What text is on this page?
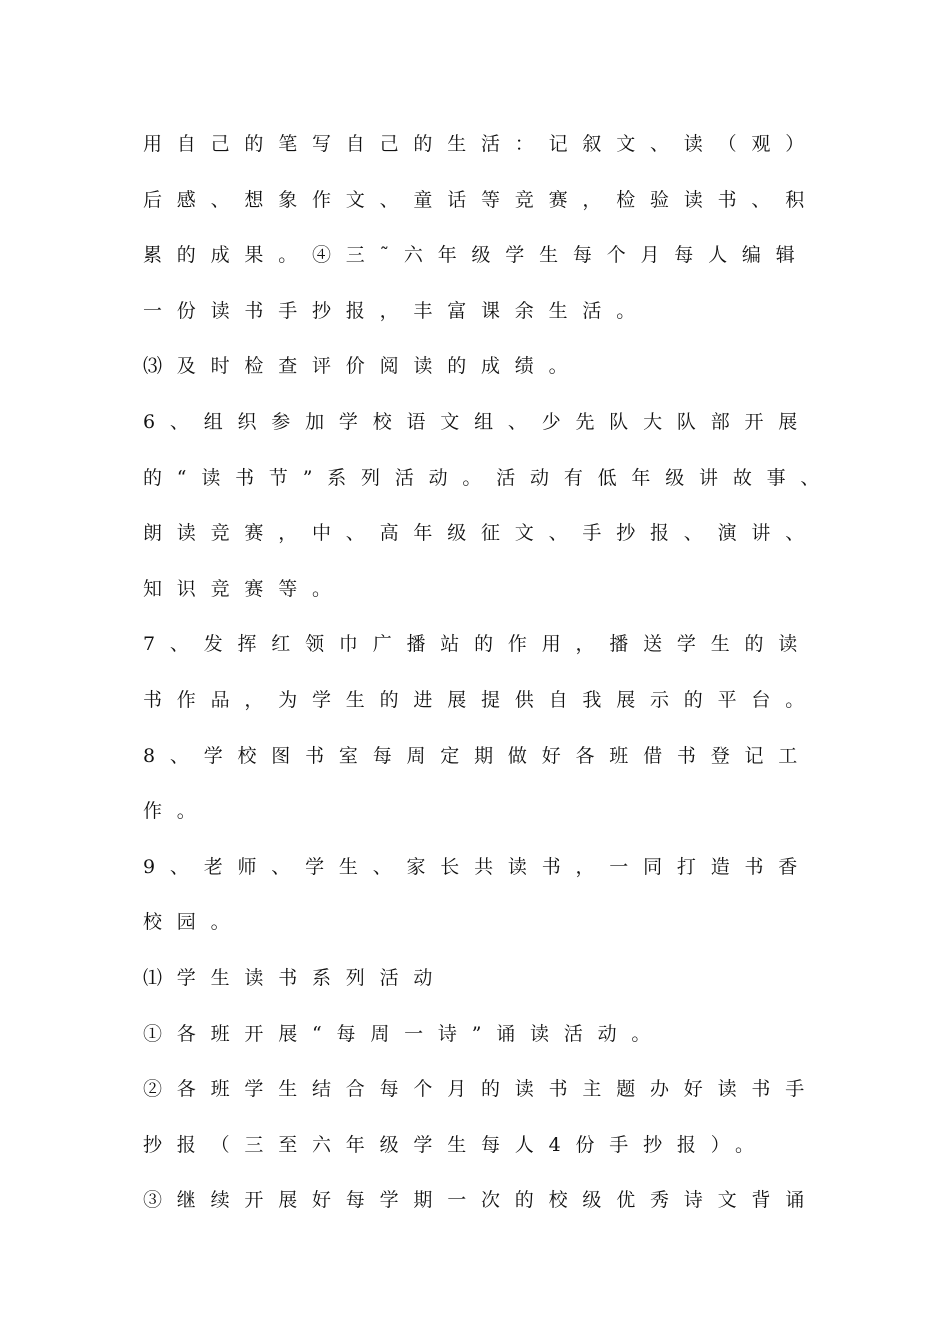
用自己的笔写自己的生活：记叙文、读（观）
后感、想象作文、童话等竞赛，检验读书、积
累的成果。④三˜六年级学生每个月每人编辑
一份读书手抄报，丰富课余生活。
⑶及时检查评价阅读的成绩。
6、组织参加学校语文组、少先队大队部开展
的“读书节”系列活动。活动有低年级讲故事、
朗读竞赛，中、高年级征文、手抄报、演讲、
知识竞赛等。
7、发挥红领巾广播站的作用，播送学生的读
书作品，为学生的进展提供自我展示的平台。
8、学校图书室每周定期做好各班借书登记工
作。
9、老师、学生、家长共读书，一同打造书香
校园。
⑴学生读书系列活动
①各班开展“每周一诗”诵读活动。
②各班学生结合每个月的读书主题办好读书手
抄报（三至六年级学生每人4份手抄报）。
③继续开展好每学期一次的校级优秀诗文背诵
